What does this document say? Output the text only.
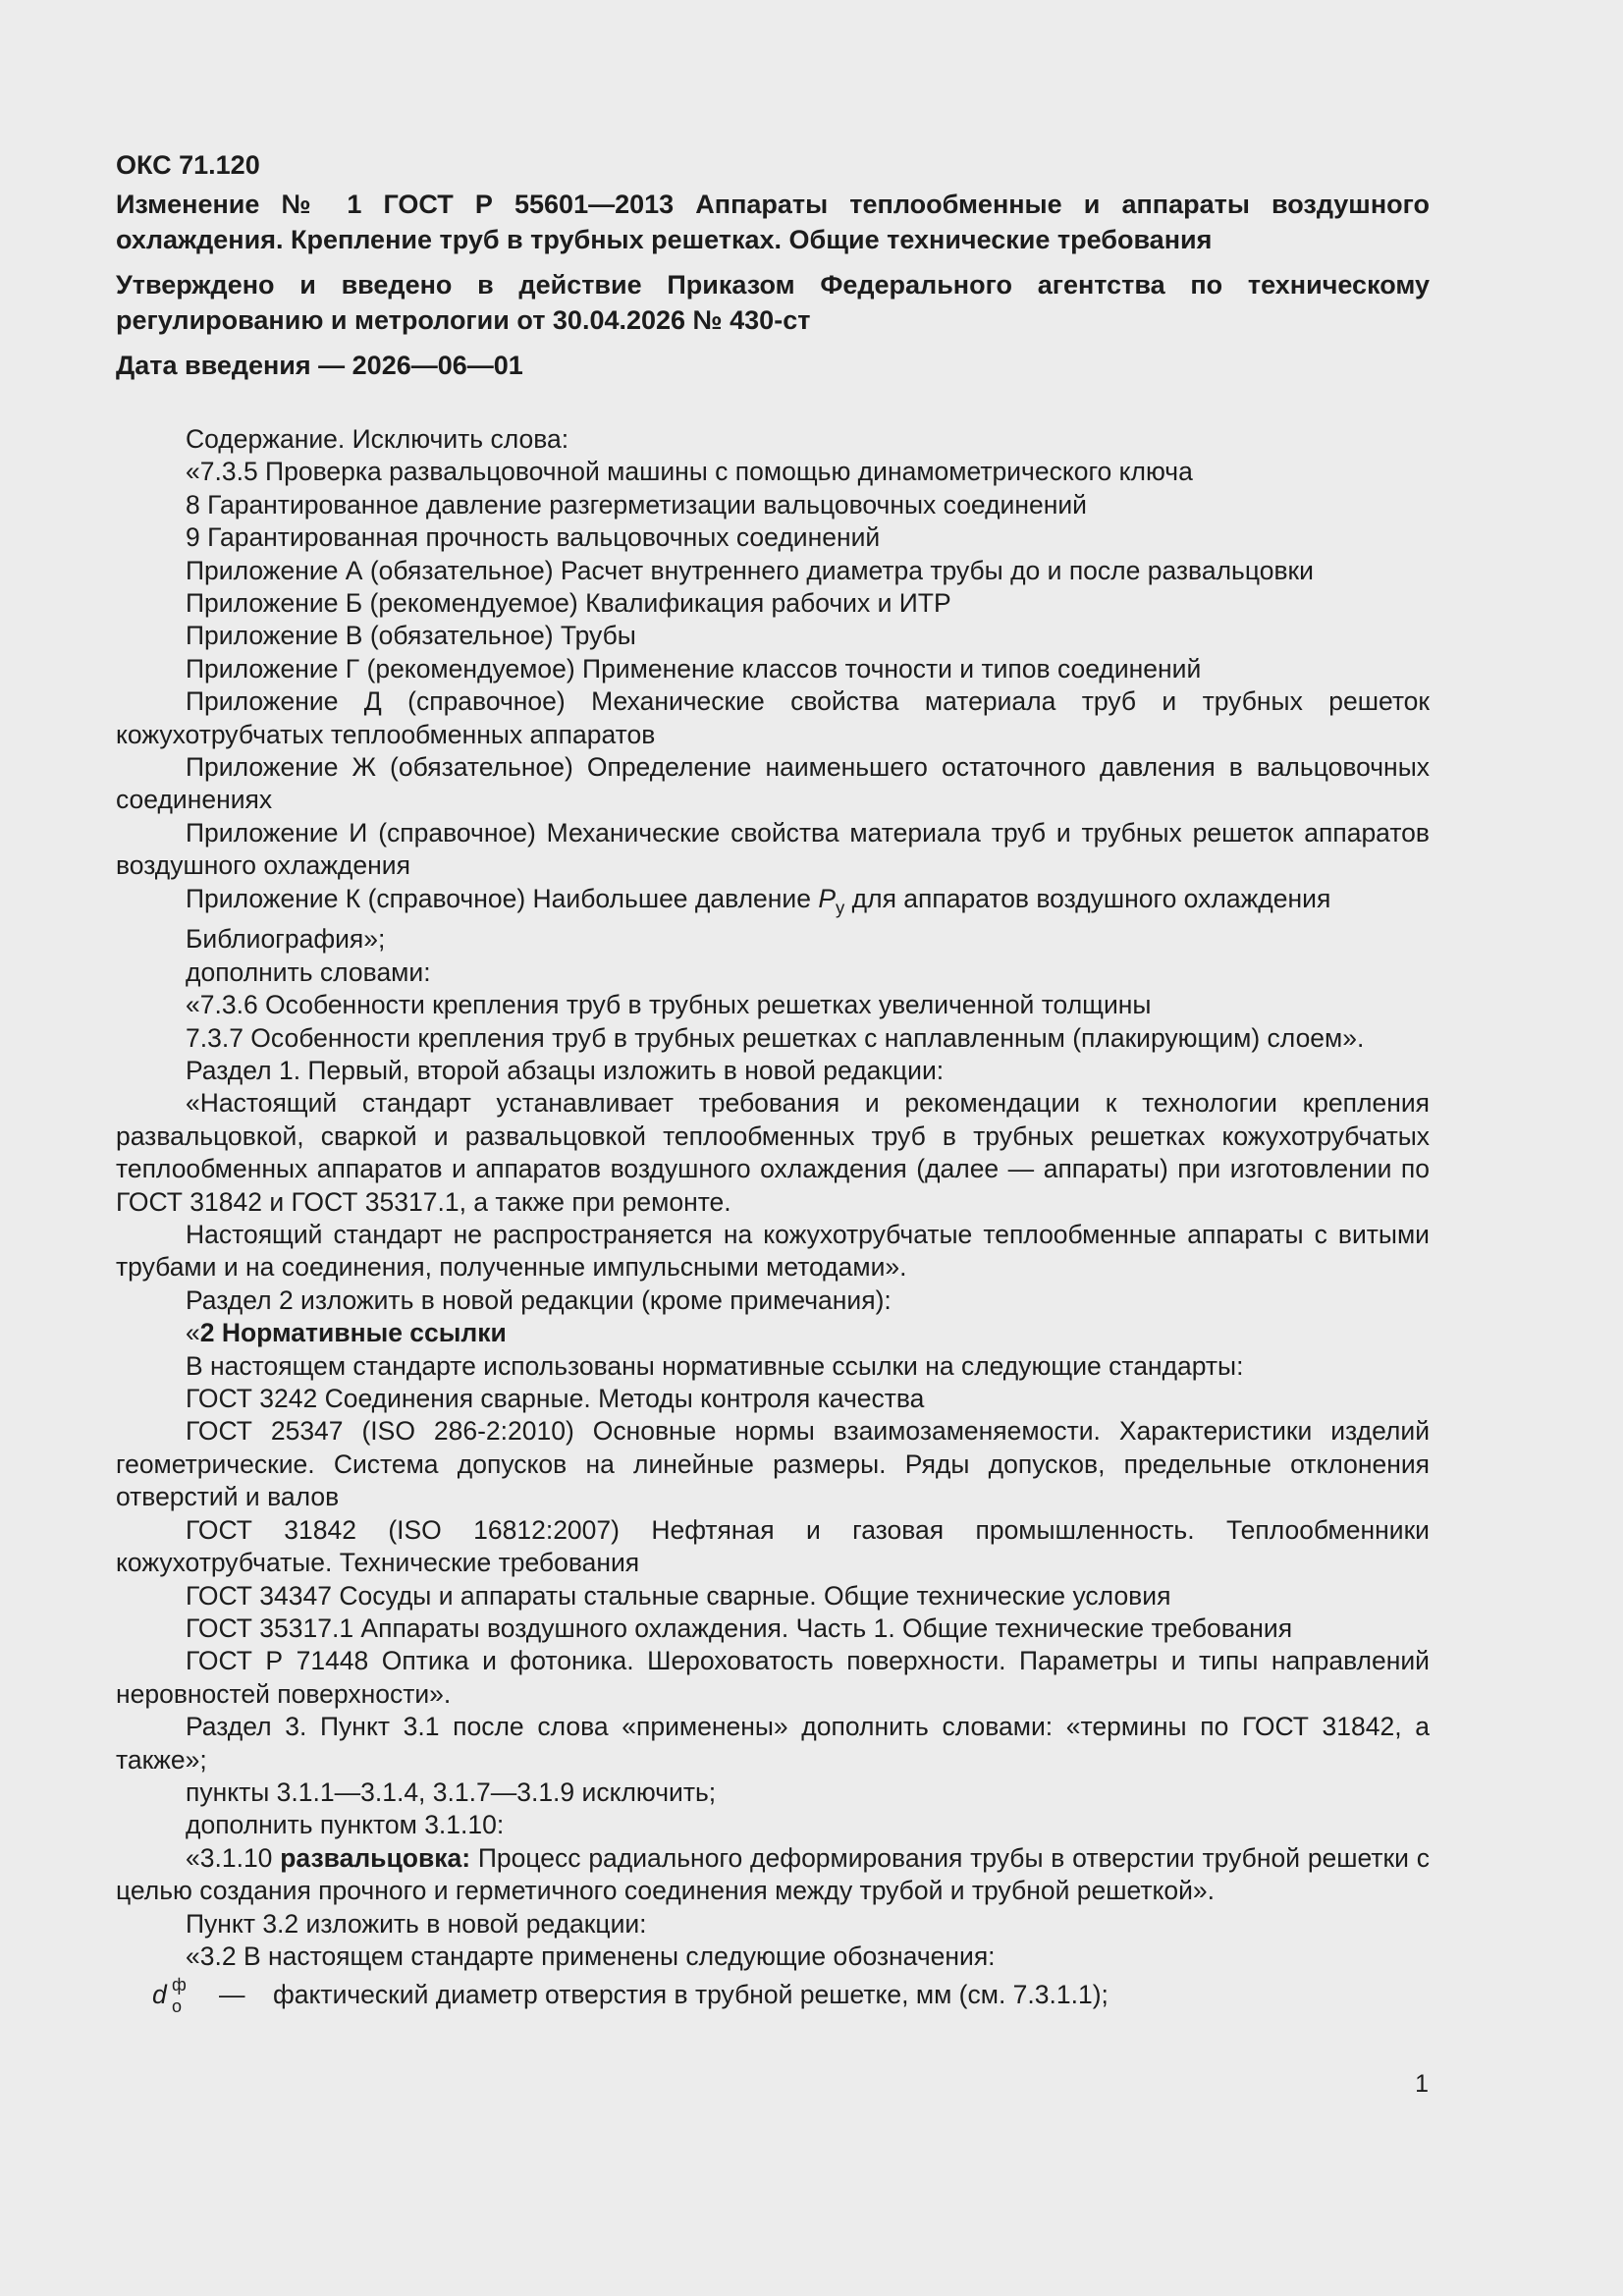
ОКС 71.120
Изменение № 1 ГОСТ Р 55601—2013 Аппараты теплообменные и аппараты воздушного охлаждения. Крепление труб в трубных решетках. Общие технические требования
Утверждено и введено в действие Приказом Федерального агентства по техническому регулированию и метрологии от 30.04.2026 № 430-ст
Дата введения — 2026—06—01

Содержание. Исключить слова:

«7.3.5 Проверка развальцовочной машины с помощью динамометрического ключа

8 Гарантированное давление разгерметизации вальцовочных соединений

9 Гарантированная прочность вальцовочных соединений

Приложение А (обязательное) Расчет внутреннего диаметра трубы до и после развальцовки

Приложение Б (рекомендуемое) Квалификация рабочих и ИТР

Приложение В (обязательное) Трубы

Приложение Г (рекомендуемое) Применение классов точности и типов соединений

Приложение Д (справочное) Механические свойства материала труб и трубных решеток кожухотрубчатых теплообменных аппаратов

Приложение Ж (обязательное) Определение наименьшего остаточного давления в вальцовочных соединениях

Приложение И (справочное) Механические свойства материала труб и трубных решеток аппаратов воздушного охлаждения

Приложение К (справочное) Наибольшее давление $P_у$ для аппаратов воздушного охлаждения

Библиография»;

дополнить словами:

«7.3.6 Особенности крепления труб в трубных решетках увеличенной толщины

7.3.7 Особенности крепления труб в трубных решетках с наплавленным (плакирующим) слоем».

Раздел 1. Первый, второй абзацы изложить в новой редакции:

«Настоящий стандарт устанавливает требования и рекомендации к технологии крепления развальцовкой, сваркой и развальцовкой теплообменных труб в трубных решетках кожухотрубчатых теплообменных аппаратов и аппаратов воздушного охлаждения (далее — аппараты) при изготовлении по ГОСТ 31842 и ГОСТ 35317.1, а также при ремонте.

Настоящий стандарт не распространяется на кожухотрубчатые теплообменные аппараты с витыми трубами и на соединения, полученные импульсными методами».

Раздел 2 изложить в новой редакции (кроме примечания):

«2 Нормативные ссылки

В настоящем стандарте использованы нормативные ссылки на следующие стандарты:

ГОСТ 3242 Соединения сварные. Методы контроля качества

ГОСТ 25347 (ISO 286-2:2010) Основные нормы взаимозаменяемости. Характеристики изделий геометрические. Система допусков на линейные размеры. Ряды допусков, предельные отклонения отверстий и валов

ГОСТ 31842 (ISO 16812:2007) Нефтяная и газовая промышленность. Теплообменники кожухотрубчатые. Технические требования

ГОСТ 34347 Сосуды и аппараты стальные сварные. Общие технические условия

ГОСТ 35317.1 Аппараты воздушного охлаждения. Часть 1. Общие технические требования

ГОСТ Р 71448 Оптика и фотоника. Шероховатость поверхности. Параметры и типы направлений неровностей поверхности».

Раздел 3. Пункт 3.1 после слова «применены» дополнить словами: «термины по ГОСТ 31842, а также»;

пункты 3.1.1—3.1.4, 3.1.7—3.1.9 исключить;

дополнить пунктом 3.1.10:

«3.1.10 развальцовка: Процесс радиального деформирования трубы в отверстии трубной решетки с целью создания прочного и герметичного соединения между трубой и трубной решеткой».

Пункт 3.2 изложить в новой редакции:

«3.2 В настоящем стандарте применены следующие обозначения:

d ф
о — фактический диаметр отверстия в трубной решетке, мм (см. 7.3.1.1);
1
